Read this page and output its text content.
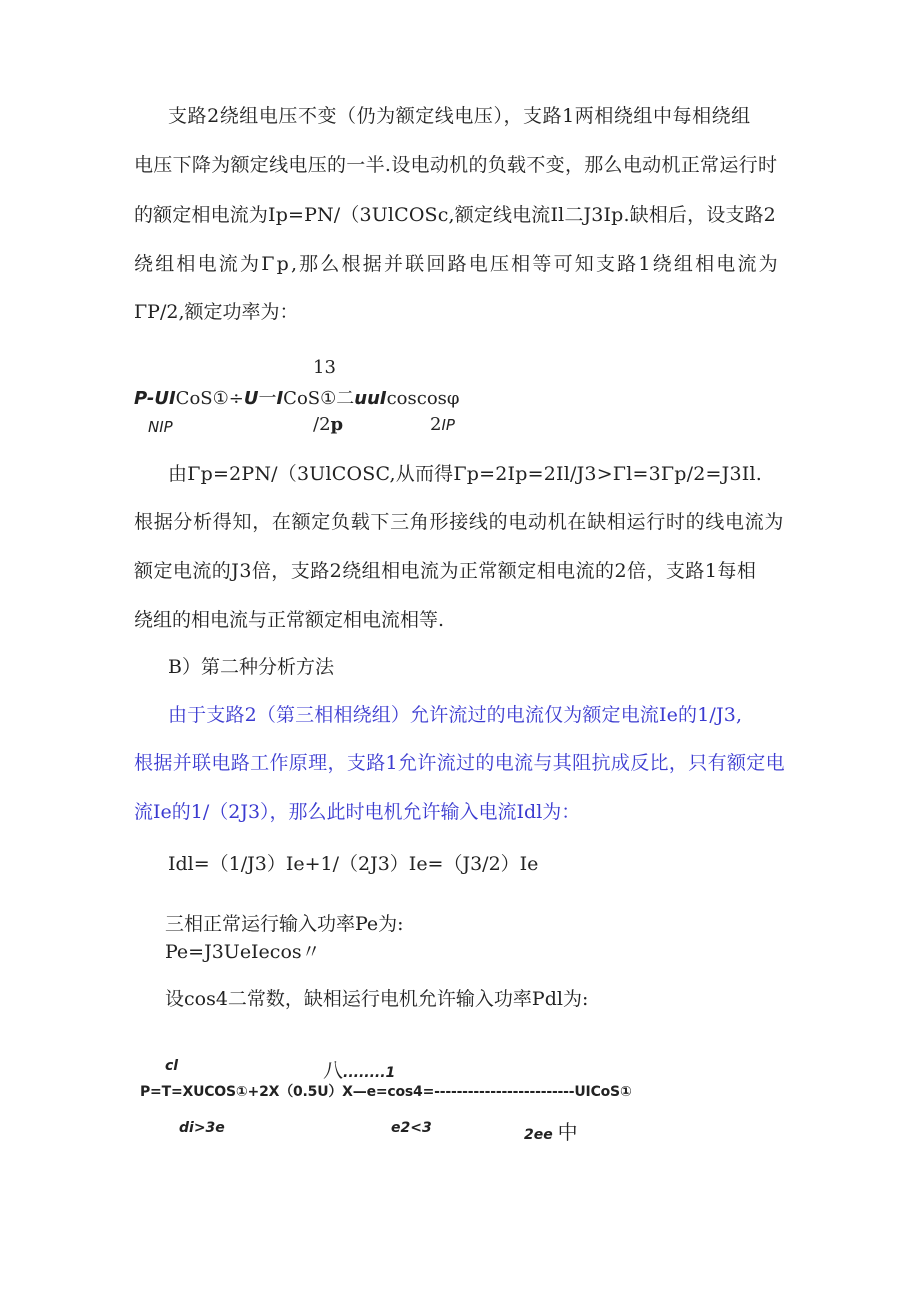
支路2绕组电压不变（仍为额定线电压），支路1两相绕组中每相绕组
电压下降为额定线电压的一半.设电动机的负载不变，那么电动机正常运行时
的额定相电流为Ip=PN/（3UlCOSc,额定线电流Il二J3Ip.缺相后，设支路2
绕组相电流为Γp,那么根据并联回路电压相等可知支路1绕组相电流为
ΓP/2,额定功率为：
13
P-UICoS①÷U一ICoS①二uuIcoscosφ
NIP	/2p	2IP
由Γp=2PN/（3UlCOSC,从而得Γp=2Ip=2Il/J3>Γl=3Γp/2=J3Il.
根据分析得知，在额定负载下三角形接线的电动机在缺相运行时的线电流为
额定电流的J3倍，支路2绕组相电流为正常额定相电流的2倍，支路1每相
绕组的相电流与正常额定相电流相等.
B）第二种分析方法
由于支路2（第三相相绕组）允许流过的电流仅为额定电流Ie的1/J3,
根据并联电路工作原理，支路1允许流过的电流与其阻抗成反比，只有额定电
流Ie的1/（2J3），那么此时电机允许输入电流Idl为：
Idl=（1/J3）Ie+1/（2J3）Ie=（J3/2）Ie
三相正常运行输入功率Pe为:
Pe=J3UeIecos〃
设cos4二常数，缺相运行电机允许输入功率Pdl为:
cl	八........1
P=T=XUCOS①+2X（0.5U）X—e=cos4=-------------------------UICoS①
di>3e	e2<3	2ee 中
